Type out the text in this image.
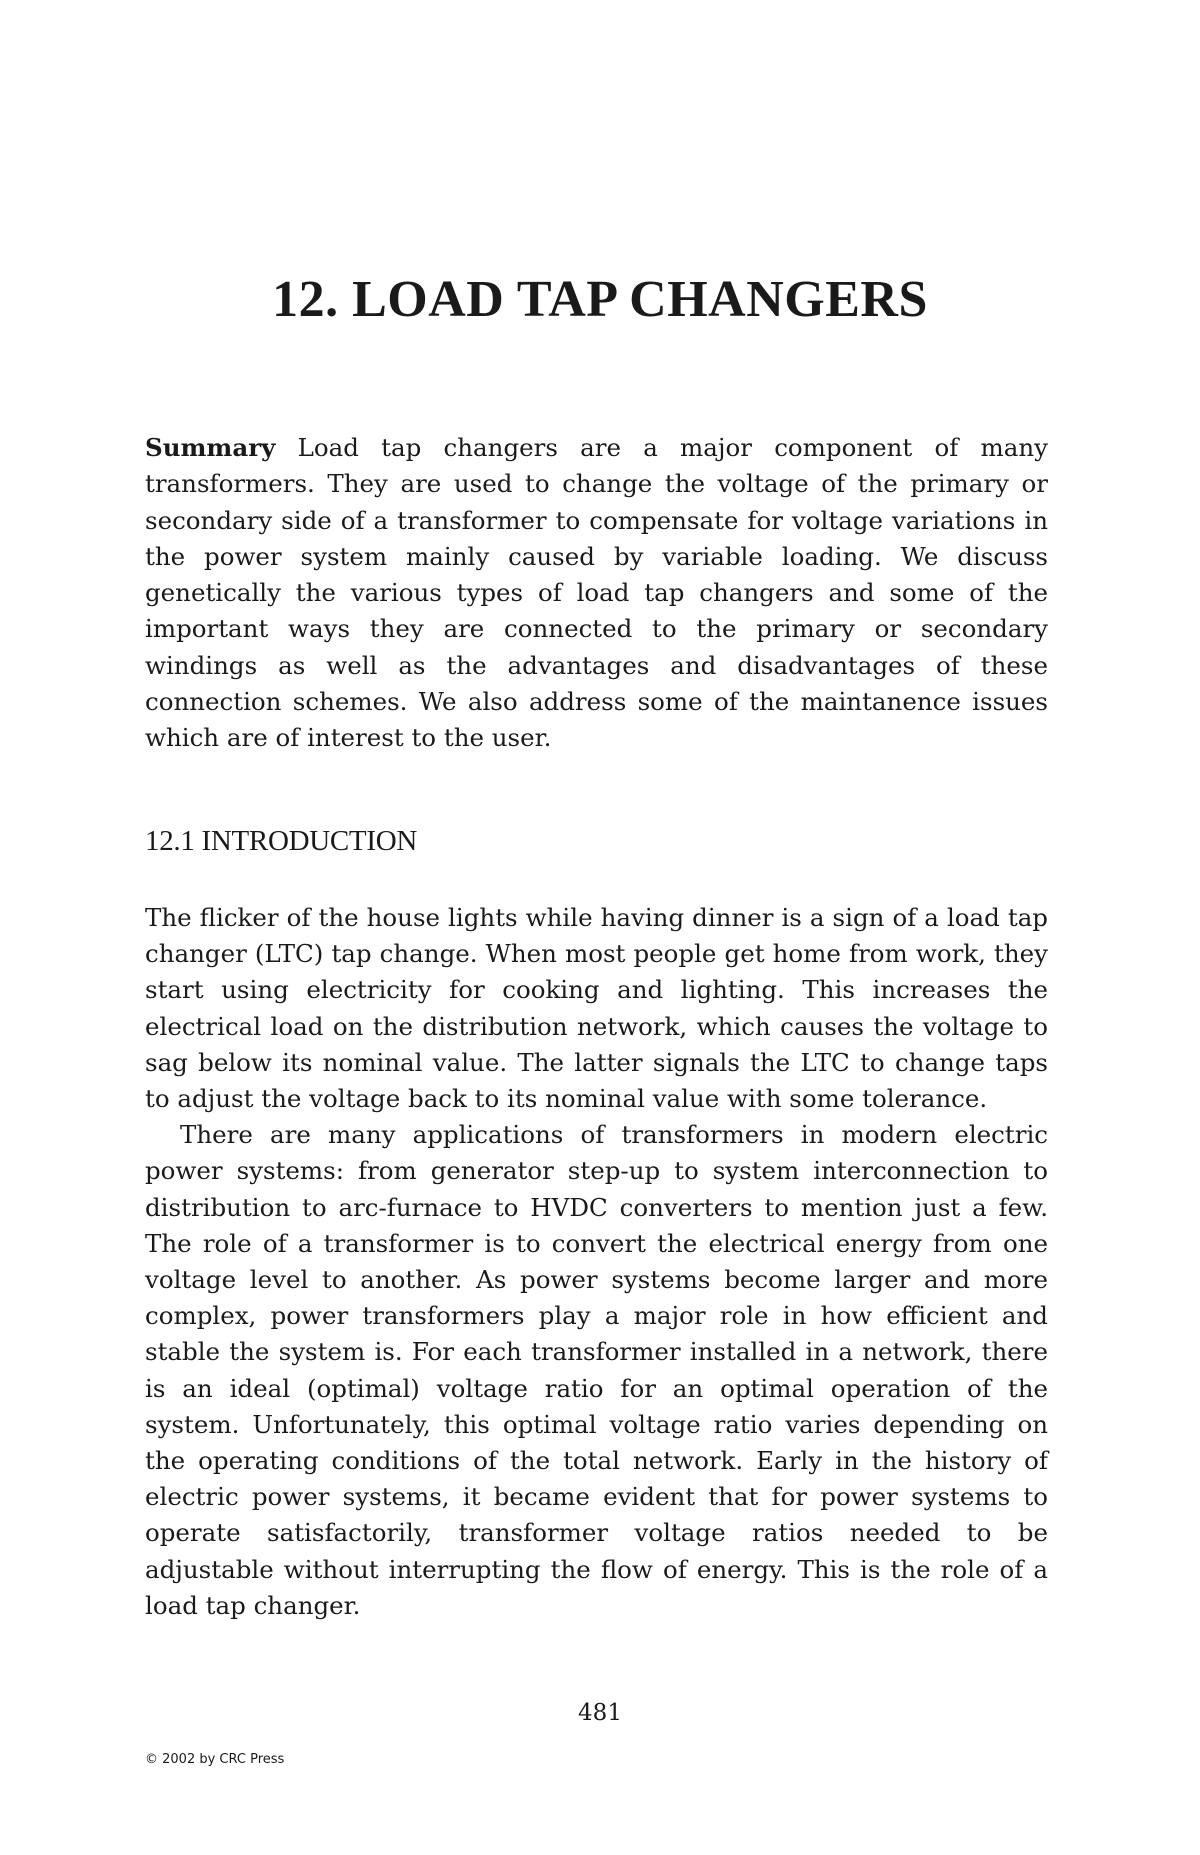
12. LOAD TAP CHANGERS

Summary Load tap changers are a major component of many transformers. They are used to change the voltage of the primary or secondary side of a transformer to compensate for voltage variations in the power system mainly caused by variable loading. We discuss genetically the various types of load tap changers and some of the important ways they are connected to the primary or secondary windings as well as the advantages and disadvantages of these connection schemes. We also address some of the maintanence issues which are of interest to the user.

12.1 INTRODUCTION

The flicker of the house lights while having dinner is a sign of a load tap changer (LTC) tap change. When most people get home from work, they start using electricity for cooking and lighting. This increases the electrical load on the distribution network, which causes the voltage to sag below its nominal value. The latter signals the LTC to change taps to adjust the voltage back to its nominal value with some tolerance.

There are many applications of transformers in modern electric power systems: from generator step-up to system interconnection to distribution to arc-furnace to HVDC converters to mention just a few. The role of a transformer is to convert the electrical energy from one voltage level to another. As power systems become larger and more complex, power transformers play a major role in how efficient and stable the system is. For each transformer installed in a network, there is an ideal (optimal) voltage ratio for an optimal operation of the system. Unfortunately, this optimal voltage ratio varies depending on the operating conditions of the total network. Early in the history of electric power systems, it became evident that for power systems to operate satisfactorily, transformer voltage ratios needed to be adjustable without interrupting the flow of energy. This is the role of a load tap changer.

481
© 2002 by CRC Press
